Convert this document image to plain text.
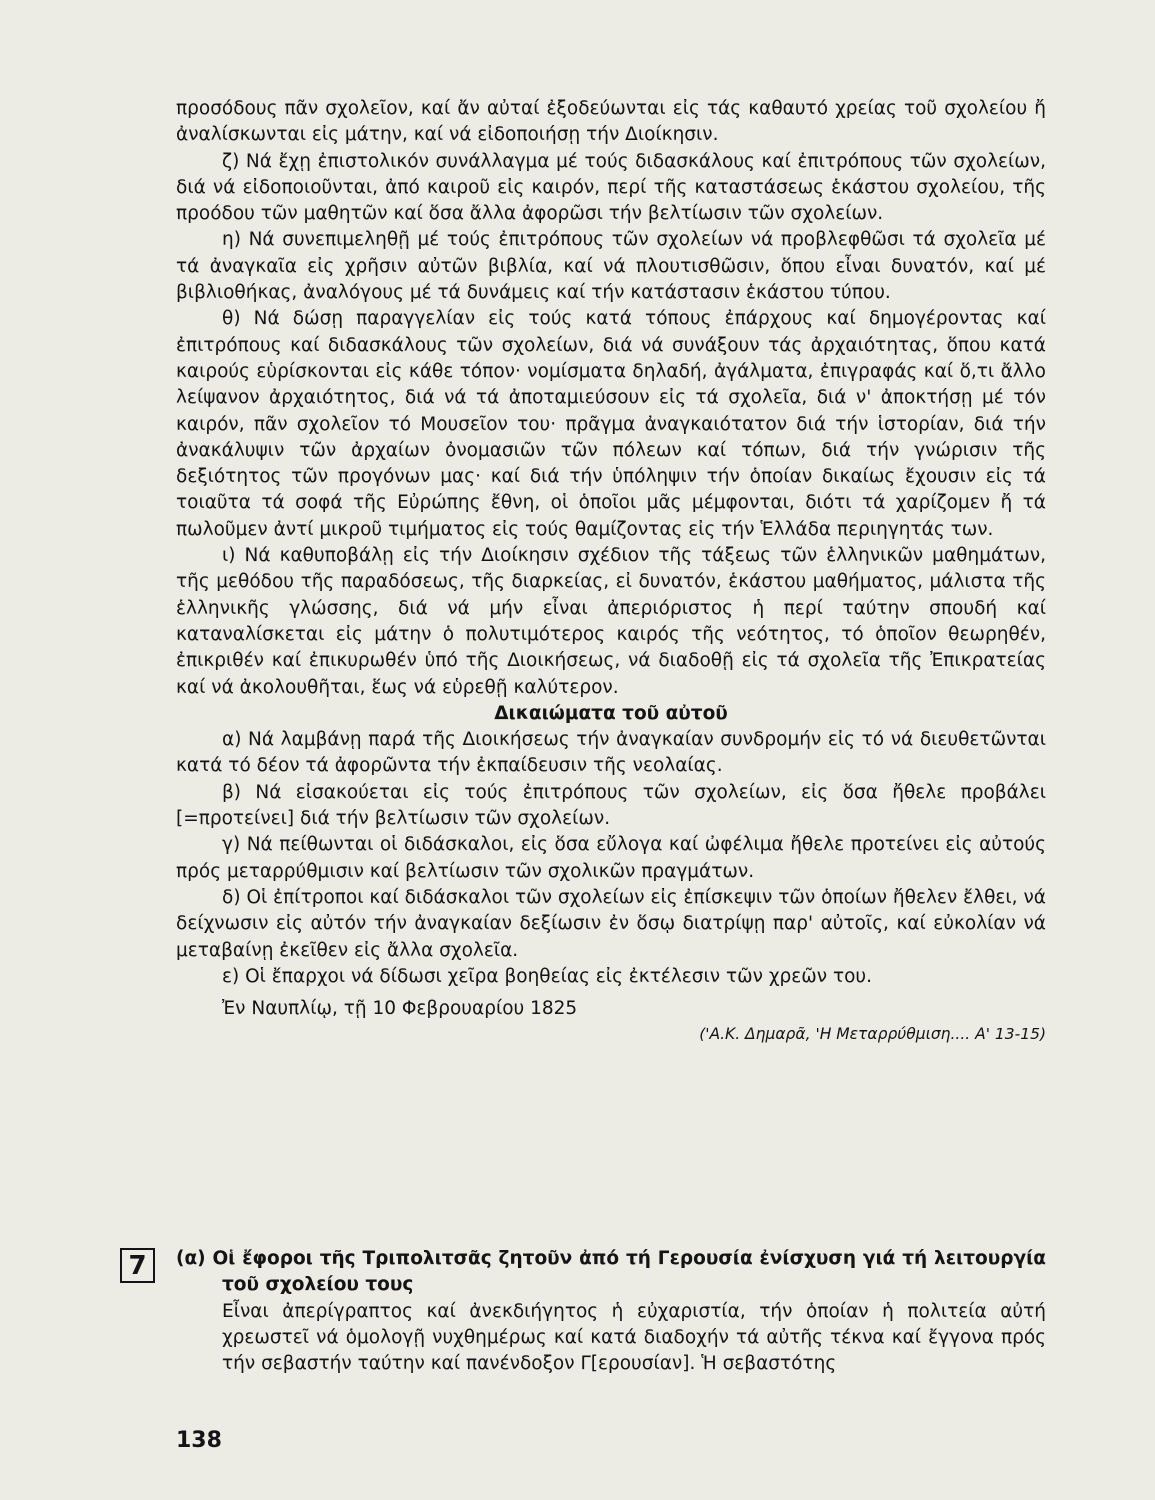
προσόδους πᾶν σχολεῖον, καί ἄν αὐταί ἐξοδεύωνται εἰς τάς καθαυτό χρείας τοῦ σχολείου ἤ ἀναλίσκωνται εἰς μάτην, καί νά εἰδοποιήσῃ τήν Διοίκησιν.

ζ) Νά ἔχῃ ἐπιστολικόν συνάλλαγμα μέ τούς διδασκάλους καί ἐπιτρόπους τῶν σχολείων, διά νά εἰδοποιοῦνται, ἀπό καιροῦ εἰς καιρόν, περί τῆς καταστάσεως ἑκάστου σχολείου, τῆς προόδου τῶν μαθητῶν καί ὅσα ἄλλα ἀφορῶσι τήν βελτίωσιν τῶν σχολείων.

η) Νά συνεπιμεληθῇ μέ τούς ἐπιτρόπους τῶν σχολείων νά προβλεφθῶσι τά σχολεῖα μέ τά ἀναγκαῖα εἰς χρῆσιν αὐτῶν βιβλία, καί νά πλουτισθῶσιν, ὅπου εἶναι δυνατόν, καί μέ βιβλιοθήκας, ἀναλόγους μέ τά δυνάμεις καί τήν κατάστασιν ἑκάστου τύπου.

θ) Νά δώσῃ παραγγελίαν εἰς τούς κατά τόπους ἐπάρχους καί δημογέροντας καί ἐπιτρόπους καί διδασκάλους τῶν σχολείων, διά νά συνάξουν τάς ἀρχαιότητας, ὅπου κατά καιρούς εὑρίσκονται εἰς κάθε τόπον· νομίσματα δηλαδή, ἀγάλματα, ἐπιγραφάς καί ὅ,τι ἄλλο λείψανον ἀρχαιότητος, διά νά τά ἀποταμιεύσουν εἰς τά σχολεῖα, διά ν' ἀποκτήσῃ μέ τόν καιρόν, πᾶν σχολεῖον τό Μουσεῖον του· πρᾶγμα ἀναγκαιότατον διά τήν ἱστορίαν, διά τήν ἀνακάλυψιν τῶν ἀρχαίων ὀνομασιῶν τῶν πόλεων καί τόπων, διά τήν γνώρισιν τῆς δεξιότητος τῶν προγόνων μας· καί διά τήν ὑπόληψιν τήν ὁποίαν δικαίως ἔχουσιν εἰς τά τοιαῦτα τά σοφά τῆς Εὐρώπης ἔθνη, οἱ ὁποῖοι μᾶς μέμφονται, διότι τά χαρίζομεν ἤ τά πωλοῦμεν ἀντί μικροῦ τιμήματος εἰς τούς θαμίζοντας εἰς τήν Ἑλλάδα περιηγητάς των.

ι) Νά καθυποβάλῃ εἰς τήν Διοίκησιν σχέδιον τῆς τάξεως τῶν ἑλληνικῶν μαθημάτων, τῆς μεθόδου τῆς παραδόσεως, τῆς διαρκείας, εἰ δυνατόν, ἑκάστου μαθήματος, μάλιστα τῆς ἑλληνικῆς γλώσσης, διά νά μήν εἶναι ἀπεριόριστος ἡ περί ταύτην σπουδή καί καταναλίσκεται εἰς μάτην ὁ πολυτιμότερος καιρός τῆς νεότητος, τό ὁποῖον θεωρηθέν, ἐπικριθέν καί ἐπικυρωθέν ὑπό τῆς Διοικήσεως, νά διαδοθῇ εἰς τά σχολεῖα τῆς Ἐπικρατείας καί νά ἀκολουθῆται, ἕως νά εὑρεθῇ καλύτερον.

Δικαιώματα τοῦ αὐτοῦ

α) Νά λαμβάνῃ παρά τῆς Διοικήσεως τήν ἀναγκαίαν συνδρομήν εἰς τό νά διευθετῶνται κατά τό δέον τά ἀφορῶντα τήν ἐκπαίδευσιν τῆς νεολαίας.

β) Νά εἰσακούεται εἰς τούς ἐπιτρόπους τῶν σχολείων, εἰς ὅσα ἤθελε προβάλει [=προτείνει] διά τήν βελτίωσιν τῶν σχολείων.

γ) Νά πείθωνται οἱ διδάσκαλοι, εἰς ὅσα εὔλογα καί ὠφέλιμα ἤθελε προτείνει εἰς αὐτούς πρός μεταρρύθμισιν καί βελτίωσιν τῶν σχολικῶν πραγμάτων.

δ) Οἱ ἐπίτροποι καί διδάσκαλοι τῶν σχολείων εἰς ἐπίσκεψιν τῶν ὁποίων ἤθελεν ἔλθει, νά δείχνωσιν εἰς αὐτόν τήν ἀναγκαίαν δεξίωσιν ἐν ὅσῳ διατρίψῃ παρ' αὐτοῖς, καί εὐκολίαν νά μεταβαίνῃ ἐκεῖθεν εἰς ἄλλα σχολεῖα.

ε) Οἱ ἔπαρχοι νά δίδωσι χεῖρα βοηθείας εἰς ἐκτέλεσιν τῶν χρεῶν του.

Ἐν Ναυπλίῳ, τῇ 10 Φεβρουαρίου 1825

('Α.Κ. Δημαρᾶ, 'Η Μεταρρύθμιση.... Α' 13-15)

7	(α) Οἱ ἔφοροι τῆς Τριπολιτσᾶς ζητοῦν ἀπό τή Γερουσία ἐνίσχυση γιά τή λειτουργία τοῦ σχολείου τους

Εἶναι ἀπερίγραπτος καί ἀνεκδιήγητος ἡ εὐχαριστία, τήν ὁποίαν ἡ πολιτεία αὐτή χρεωστεῖ νά ὁμολογῇ νυχθημέρως καί κατά διαδοχήν τά αὐτῆς τέκνα καί ἔγγονα πρός τήν σεβαστήν ταύτην καί πανένδοξον Γ[ερουσίαν]. Ἡ σεβαστότης

138
